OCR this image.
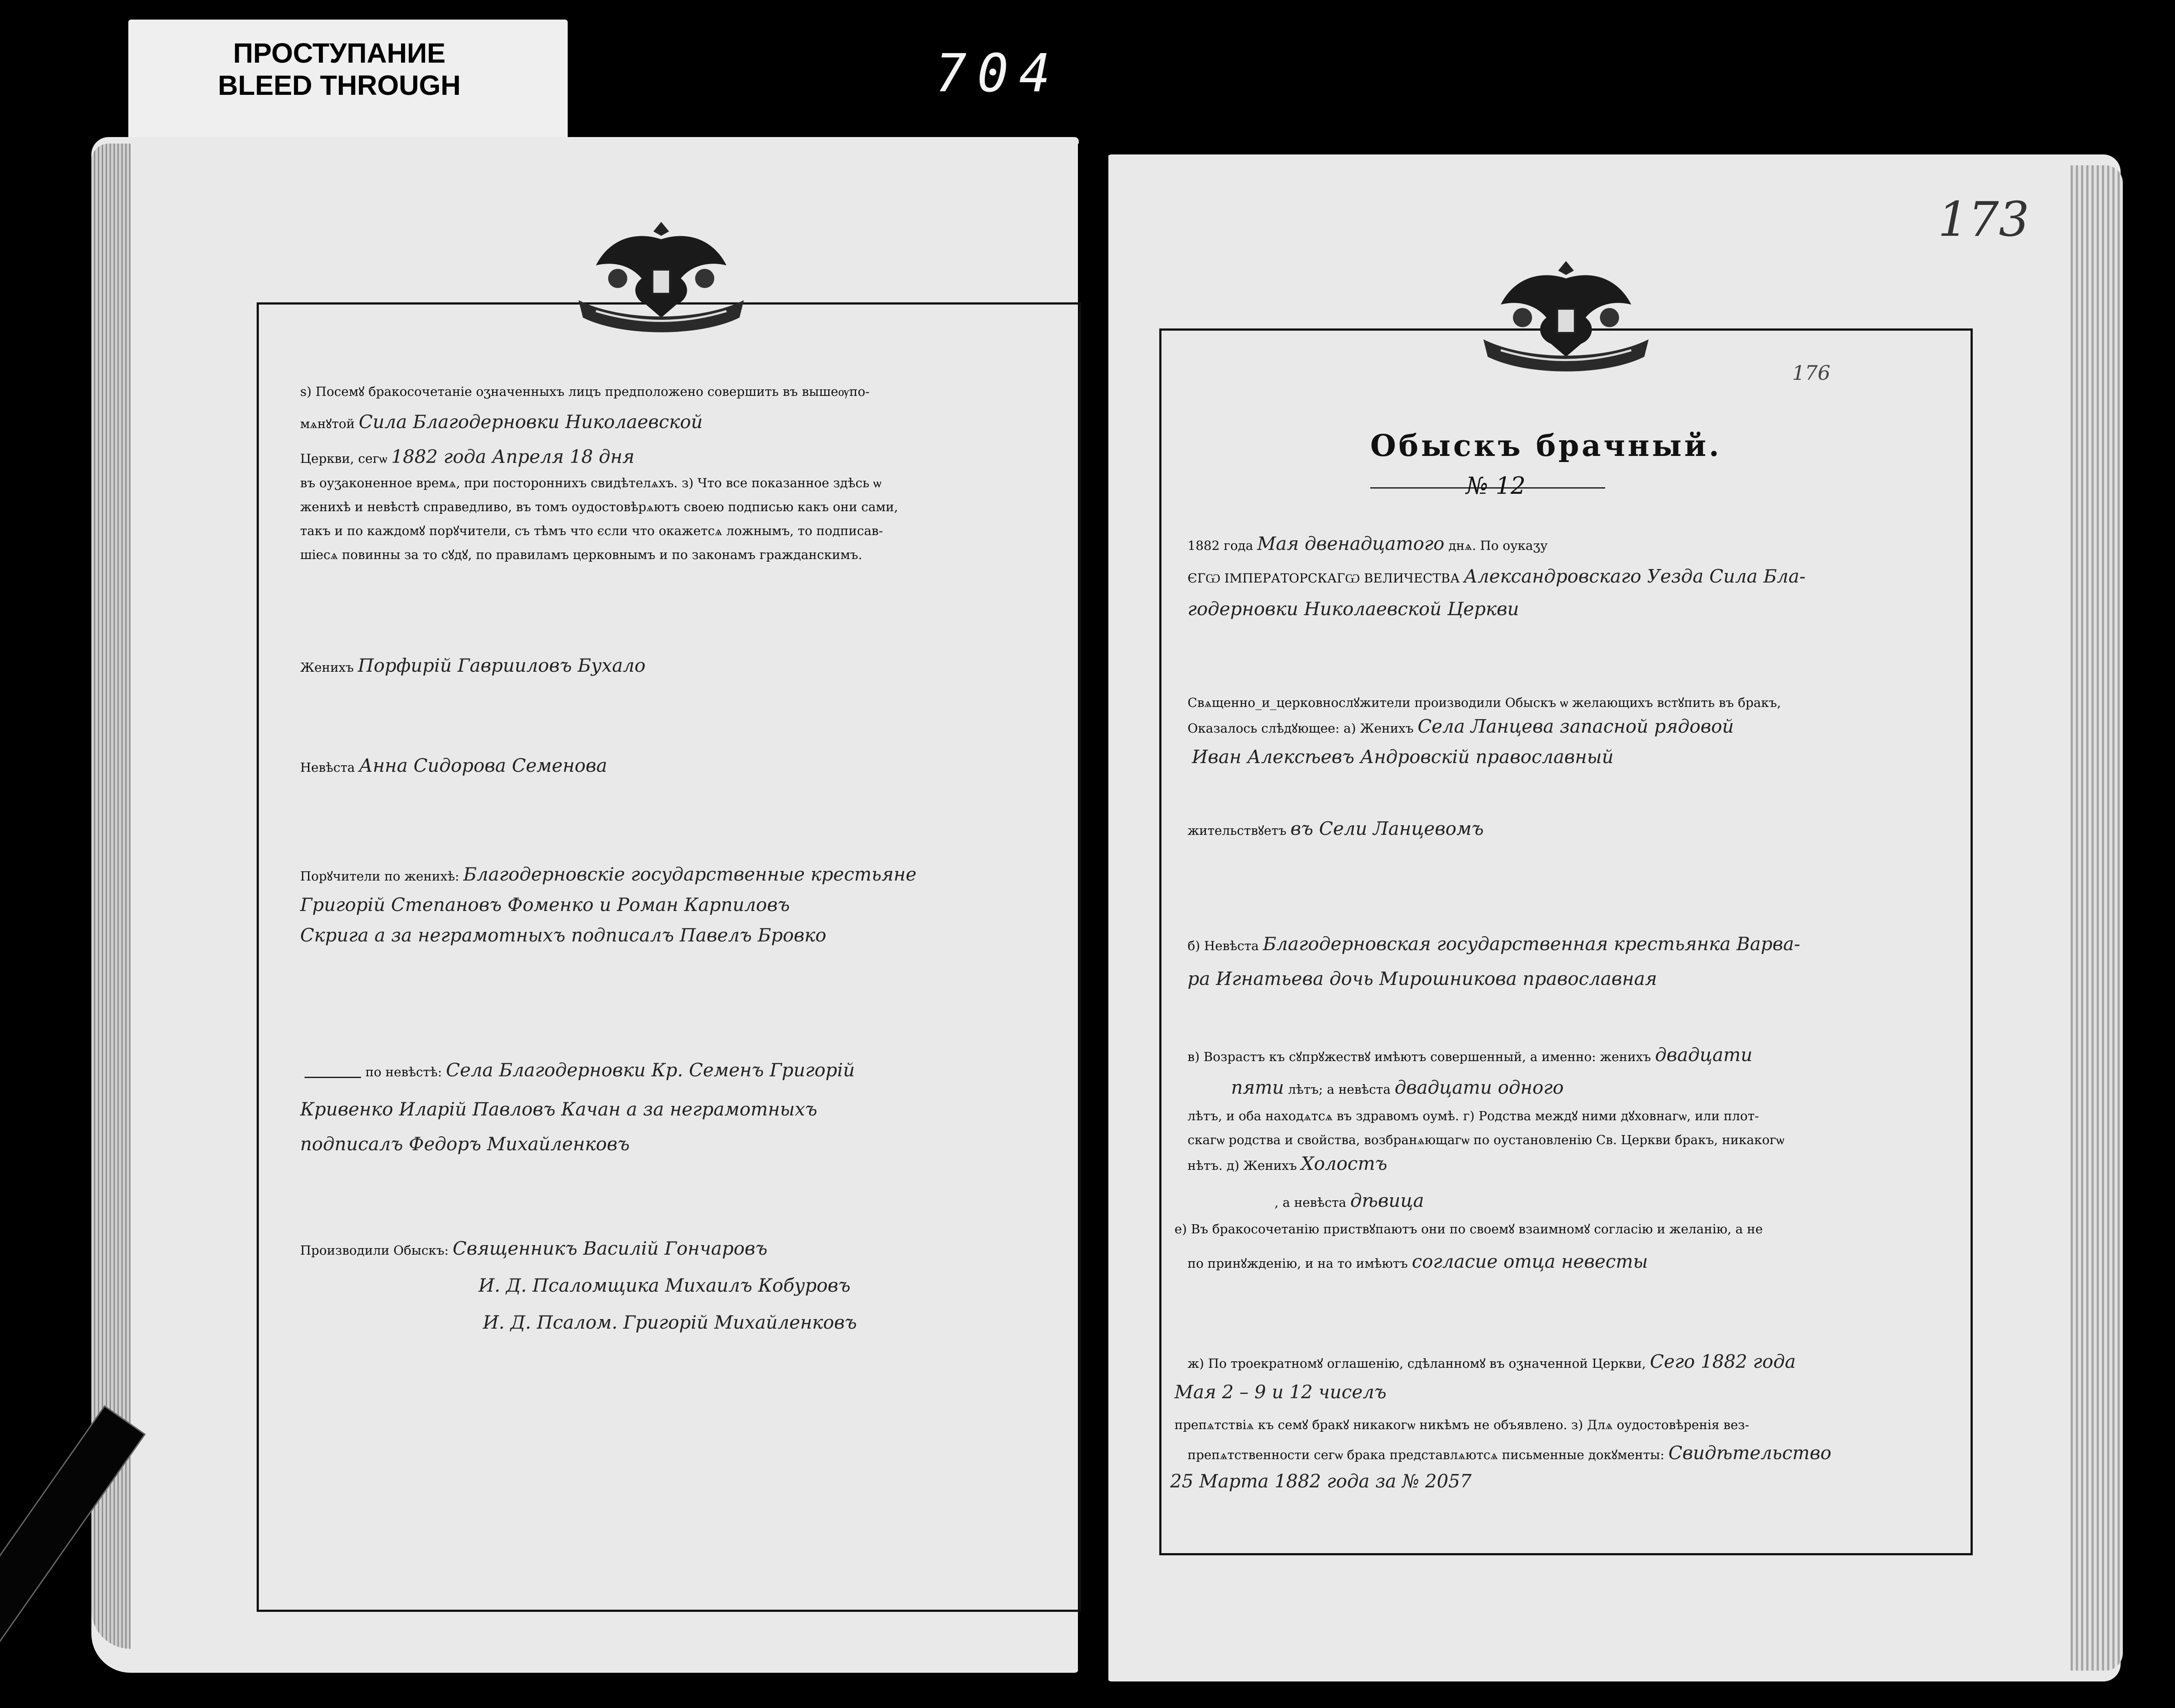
ПРОСТУПАНИЕ
BLEED THROUGH	704
173
176
Обыскъ брачный.
№ 12
1882 года Мая двенадцатого днѧ. По оукаӡу
ЄГѠ ІМПЕРАТОРСКАГѠ ВЕЛИЧЕСТВА Александровскаго Уезда Сила Бла-
годерновки Николаевской Церкви
Свѧщенно_и_церковнослꙋжители производили Обыскъ ѡ желающихъ встꙋпить въ бракъ,
Оказалось слѣдꙋющее: а) Женихъ Села Ланцева запасной рядовой
Иван Алексѣевъ Андровскій православный
жительствꙋетъ въ Сели Ланцевомъ
б) Невѣста Благодерновская государственная крестьянка Варва-
ра Игнатьева дочь Мирошникова православная
в) Возрастъ къ сꙋпрꙋжествꙋ имѣютъ совершенный, а именно: женихъ двадцати
пяти лѣтъ; а невѣста двадцати одного
лѣтъ, и оба находѧтсѧ въ здравомъ оумѣ. г) Родства междꙋ ними дꙋховнагѡ, или плот-
скагѡ родства и свойства, возбранѧющагѡ по оустановленію Св. Церкви бракъ, никакогѡ
нѣтъ. д) Женихъ Холостъ
, а невѣста дѣвица
е) Въ бракосочетанію приствꙋпаютъ они по своемꙋ взаимномꙋ согласію и желанію, а не
по принꙋжденію, и на то имѣютъ согласие отца невесты
ж) По троекратномꙋ оглашенію, сдѣланномꙋ въ оӡначенной Церкви, Сего 1882 года
Мая 2 – 9 и 12 чиселъ
препѧтствіѧ къ семꙋ бракꙋ никакогѡ никѣмъ не объявлено. з) Длѧ оудостовѣренія вез-
препѧтственности сегѡ брака представлѧютсѧ письменные докꙋменты: Свидѣтельство
25 Марта 1882 года за № 2057
ѕ) Посемꙋ бракосочетаніе оӡначенныхъ лицъ предположено совершить въ вышеѹпо-
мѧнꙋтой Сила Благодерновки Николаевской
Церкви, сегѡ 1882 года Апреля 18 дня
въ оуӡаконенное времѧ, при постороннихъ свидѣтелѧхъ. з) Что все показанное здѣсь ѡ
женихѣ и невѣстѣ справедливо, въ томъ оудостовѣрѧютъ своею подписью какъ они сами,
такъ и по каждомꙋ порꙋчители, съ тѣмъ что єсли что окажетсѧ ложнымъ, то подписав-
шіесѧ повинны за то сꙋдꙋ, по правиламъ церковнымъ и по законамъ гражданскимъ.
Женихъ Порфирій Гаврииловъ Бухало
Невѣста Анна Сидорова Семенова
Порꙋчители по женихѣ: Благодерновскіе государственные крестьяне
Григорій Степановъ Фоменко и Роман Карпиловъ
Скрига а за неграмотныхъ подписалъ Павелъ Бровко
по невѣстѣ: Села Благодерновки Кр. Семенъ Григорій
Кривенко Иларій Павловъ Качан а за неграмотныхъ
подписалъ Федоръ Михайленковъ
Производили Обыскъ: Священникъ Василій Гончаровъ
И. Д. Псаломщика Михаилъ Кобуровъ
И. Д. Псалом. Григорій Михайленковъ
